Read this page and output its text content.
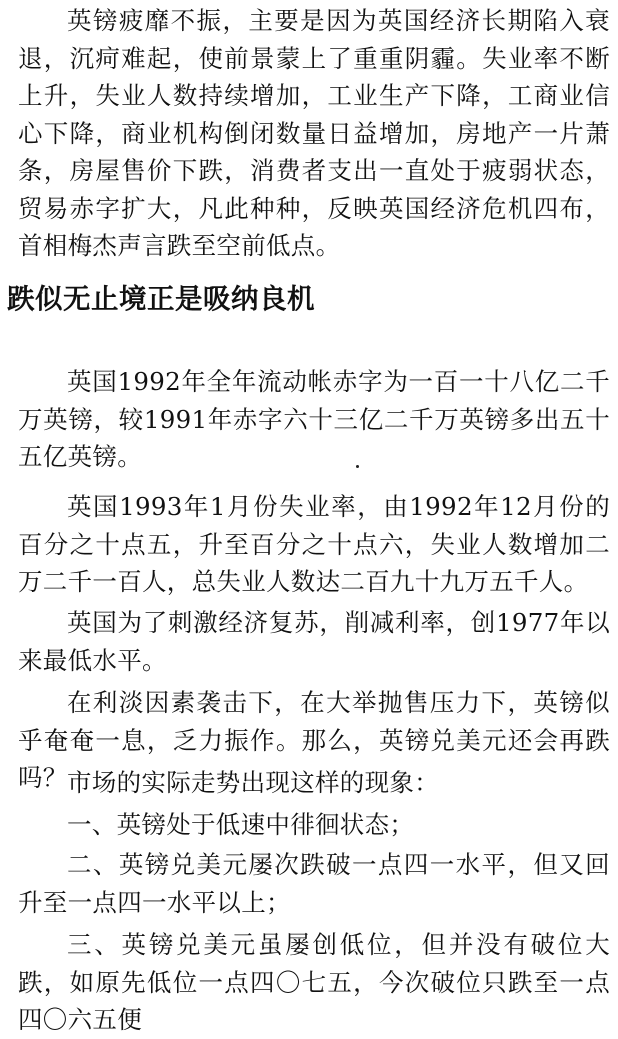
英镑疲靡不振，主要是因为英国经济长期陷入衰退，沉疴难起，使前景蒙上了重重阴霾。失业率不断上升，失业人数持续增加，工业生产下降，工商业信心下降，商业机构倒闭数量日益增加，房地产一片萧条，房屋售价下跌，消费者支出一直处于疲弱状态，贸易赤字扩大，凡此种种，反映英国经济危机四布，首相梅杰声言跌至空前低点。

跌似无止境正是吸纳良机

英国1992年全年流动帐赤字为一百一十八亿二千万英镑，较1991年赤字六十三亿二千万英镑多出五十五亿英镑。

英国1993年1月份失业率，由1992年12月份的百分之十点五，升至百分之十点六，失业人数增加二万二千一百人，总失业人数达二百九十九万五千人。

英国为了刺激经济复苏，削减利率，创1977年以来最低水平。

在利淡因素袭击下，在大举抛售压力下，英镑似乎奄奄一息，乏力振作。那么，英镑兑美元还会再跌吗？ 市场的实际走势出现这样的现象：

一、英镑处于低速中徘徊状态；

二、英镑兑美元屡次跌破一点四一水平，但又回升至一点四一水平以上；

三、英镑兑美元虽屡创低位，但并没有破位大跌，如原先低位一点四〇七五，今次破位只跌至一点四〇六五便
